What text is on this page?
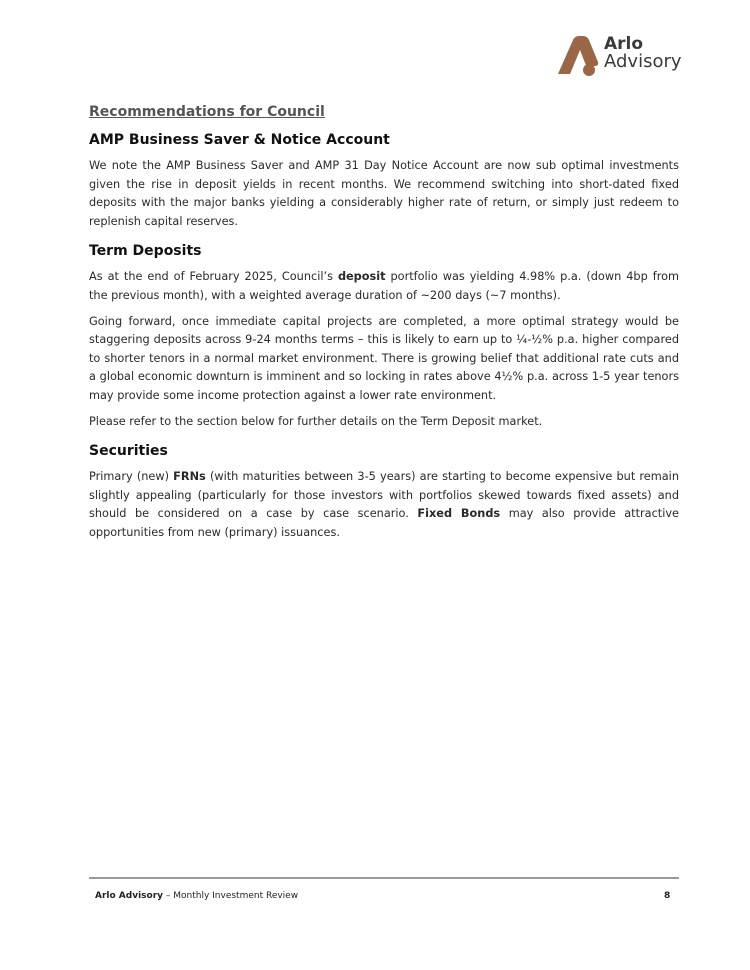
Arlo
Advisory
Recommendations for Council
AMP Business Saver & Notice Account

We note the AMP Business Saver and AMP 31 Day Notice Account are now sub optimal investments given the rise in deposit yields in recent months. We recommend switching into short-dated fixed deposits with the major banks yielding a considerably higher rate of return, or simply just redeem to replenish capital reserves.

Term Deposits

As at the end of February 2025, Council’s deposit portfolio was yielding 4.98% p.a. (down 4bp from the previous month), with a weighted average duration of ~200 days (~7 months).

Going forward, once immediate capital projects are completed, a more optimal strategy would be staggering deposits across 9-24 months terms – this is likely to earn up to ¼-½% p.a. higher compared to shorter tenors in a normal market environment. There is growing belief that additional rate cuts and a global economic downturn is imminent and so locking in rates above 4½% p.a. across 1-5 year tenors may provide some income protection against a lower rate environment.

Please refer to the section below for further details on the Term Deposit market.

Securities

Primary (new) FRNs (with maturities between 3-5 years) are starting to become expensive but remain slightly appealing (particularly for those investors with portfolios skewed towards fixed assets) and should be considered on a case by case scenario. Fixed Bonds may also provide attractive opportunities from new (primary) issuances.

Arlo Advisory – Monthly Investment Review	8
